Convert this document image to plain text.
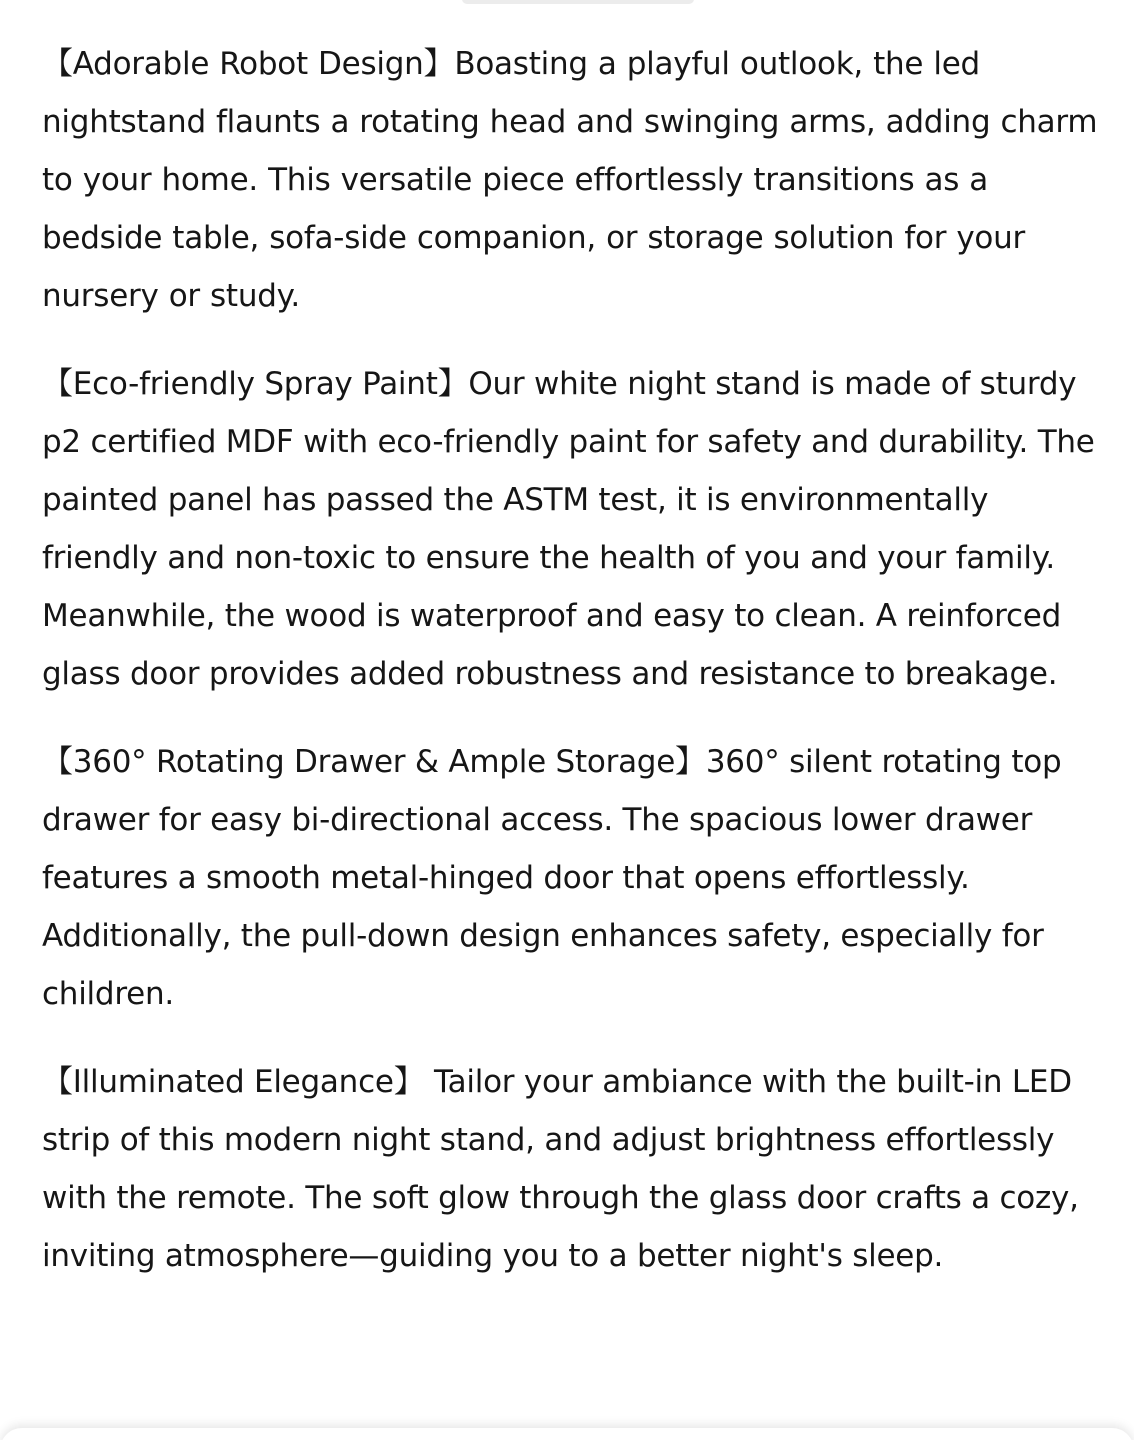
【Adorable Robot Design】Boasting a playful outlook, the led nightstand flaunts a rotating head and swinging arms, adding charm to your home. This versatile piece effortlessly transitions as a bedside table, sofa-side companion, or storage solution for your nursery or study.

【Eco-friendly Spray Paint】Our white night stand is made of sturdy p2 certified MDF with eco-friendly paint for safety and durability. The painted panel has passed the ASTM test, it is environmentally friendly and non-toxic to ensure the health of you and your family. Meanwhile, the wood is waterproof and easy to clean. A reinforced glass door provides added robustness and resistance to breakage.

【360° Rotating Drawer & Ample Storage】360° silent rotating top drawer for easy bi-directional access. The spacious lower drawer features a smooth metal-hinged door that opens effortlessly. Additionally, the pull-down design enhances safety, especially for children.

【Illuminated Elegance】 Tailor your ambiance with the built-in LED strip of this modern night stand, and adjust brightness effortlessly with the remote. The soft glow through the glass door crafts a cozy, inviting atmosphere—guiding you to a better night's sleep.
